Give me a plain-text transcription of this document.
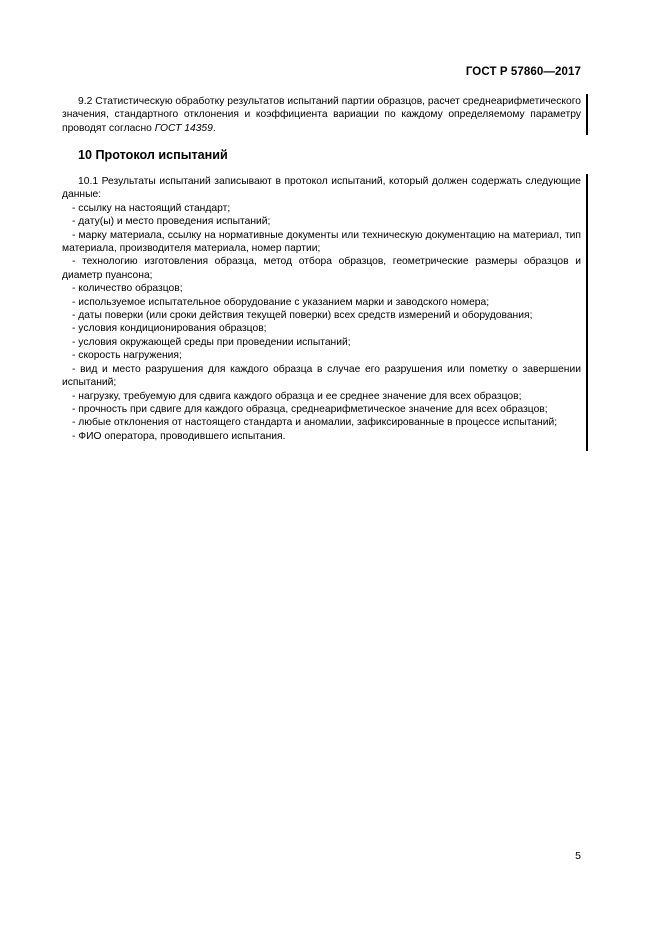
ГОСТ Р 57860—2017

9.2 Статистическую обработку результатов испытаний партии образцов, расчет среднеарифметического значения, стандартного отклонения и коэффициента вариации по каждому определяемому параметру проводят согласно ГОСТ 14359.

10 Протокол испытаний

10.1 Результаты испытаний записывают в протокол испытаний, который должен содержать следующие данные:

- ссылку на настоящий стандарт;

- дату(ы) и место проведения испытаний;

- марку материала, ссылку на нормативные документы или техническую документацию на материал, тип материала, производителя материала, номер партии;

- технологию изготовления образца, метод отбора образцов, геометрические размеры образцов и диаметр пуансона;

- количество образцов;

- используемое испытательное оборудование с указанием марки и заводского номера;

- даты поверки (или сроки действия текущей поверки) всех средств измерений и оборудования;

- условия кондиционирования образцов;

- условия окружающей среды при проведении испытаний;

- скорость нагружения;

- вид и место разрушения для каждого образца в случае его разрушения или пометку о завершении испытаний;

- нагрузку, требуемую для сдвига каждого образца и ее среднее значение для всех образцов;

- прочность при сдвиге для каждого образца, среднеарифметическое значение для всех образцов;

- любые отклонения от настоящего стандарта и аномалии, зафиксированные в процессе испытаний;

- ФИО оператора, проводившего испытания.

5
